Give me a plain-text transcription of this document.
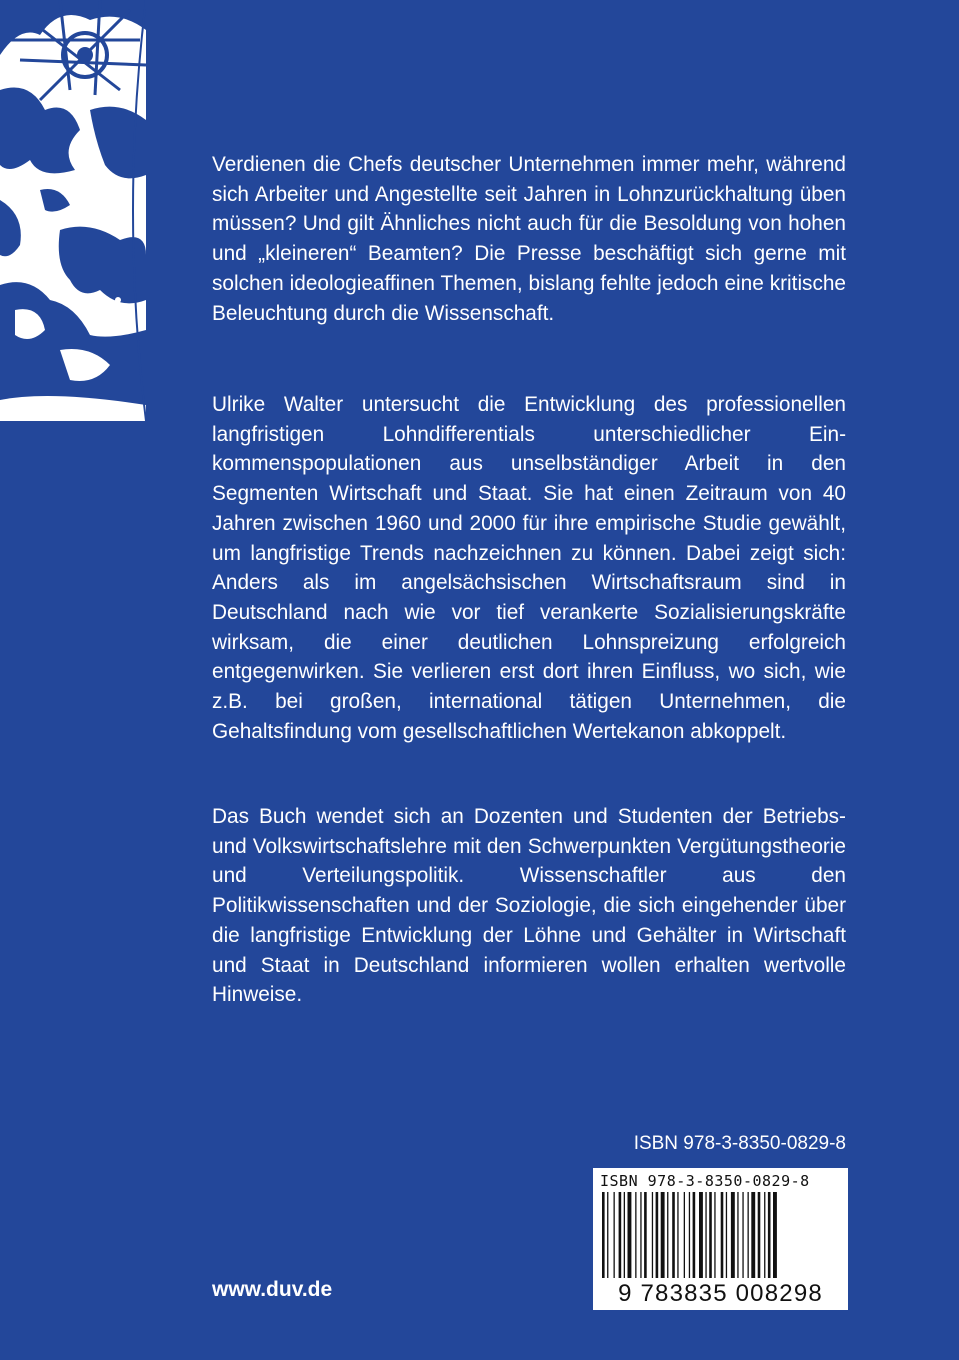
Verdienen die Chefs deutscher Unternehmen immer mehr, während sich Arbeiter und Angestellte seit Jahren in Lohnzurückhaltung üben müssen? Und gilt Ähnliches nicht auch für die Besoldung von hohen und „kleineren“ Beamten? Die Presse beschäftigt sich gerne mit solchen ideologieaffinen Themen, bislang fehlte jedoch eine kritische Beleuchtung durch die Wissenschaft.

Ulrike Walter untersucht die Entwicklung des professionellen langfristigen Lohndifferentials unterschiedlicher Einkommenspopulationen aus unselbständiger Arbeit in den Segmenten Wirtschaft und Staat. Sie hat einen Zeitraum von 40 Jahren zwischen 1960 und 2000 für ihre empirische Studie gewählt, um langfristige Trends nachzeichnen zu können. Dabei zeigt sich: Anders als im angelsächsischen Wirtschaftsraum sind in Deutschland nach wie vor tief verankerte Sozialisierungskräfte wirksam, die einer deutlichen Lohnspreizung erfolgreich entgegenwirken. Sie verlieren erst dort ihren Einfluss, wo sich, wie z.B. bei großen, international tätigen Unternehmen, die Gehaltsfindung vom gesellschaftlichen Wertekanon abkoppelt.

Das Buch wendet sich an Dozenten und Studenten der Betriebs- und Volkswirtschaftslehre mit den Schwerpunkten Vergütungstheorie und Verteilungspolitik. Wissenschaftler aus den Politikwissenschaften und der Soziologie, die sich eingehender über die langfristige Entwicklung der Löhne und Gehälter in Wirtschaft und Staat in Deutschland informieren wollen erhalten wertvolle Hinweise.

ISBN 978-3-8350-0829-8
ISBN 978-3-8350-0829-8
9 783835 008298
www.duv.de
